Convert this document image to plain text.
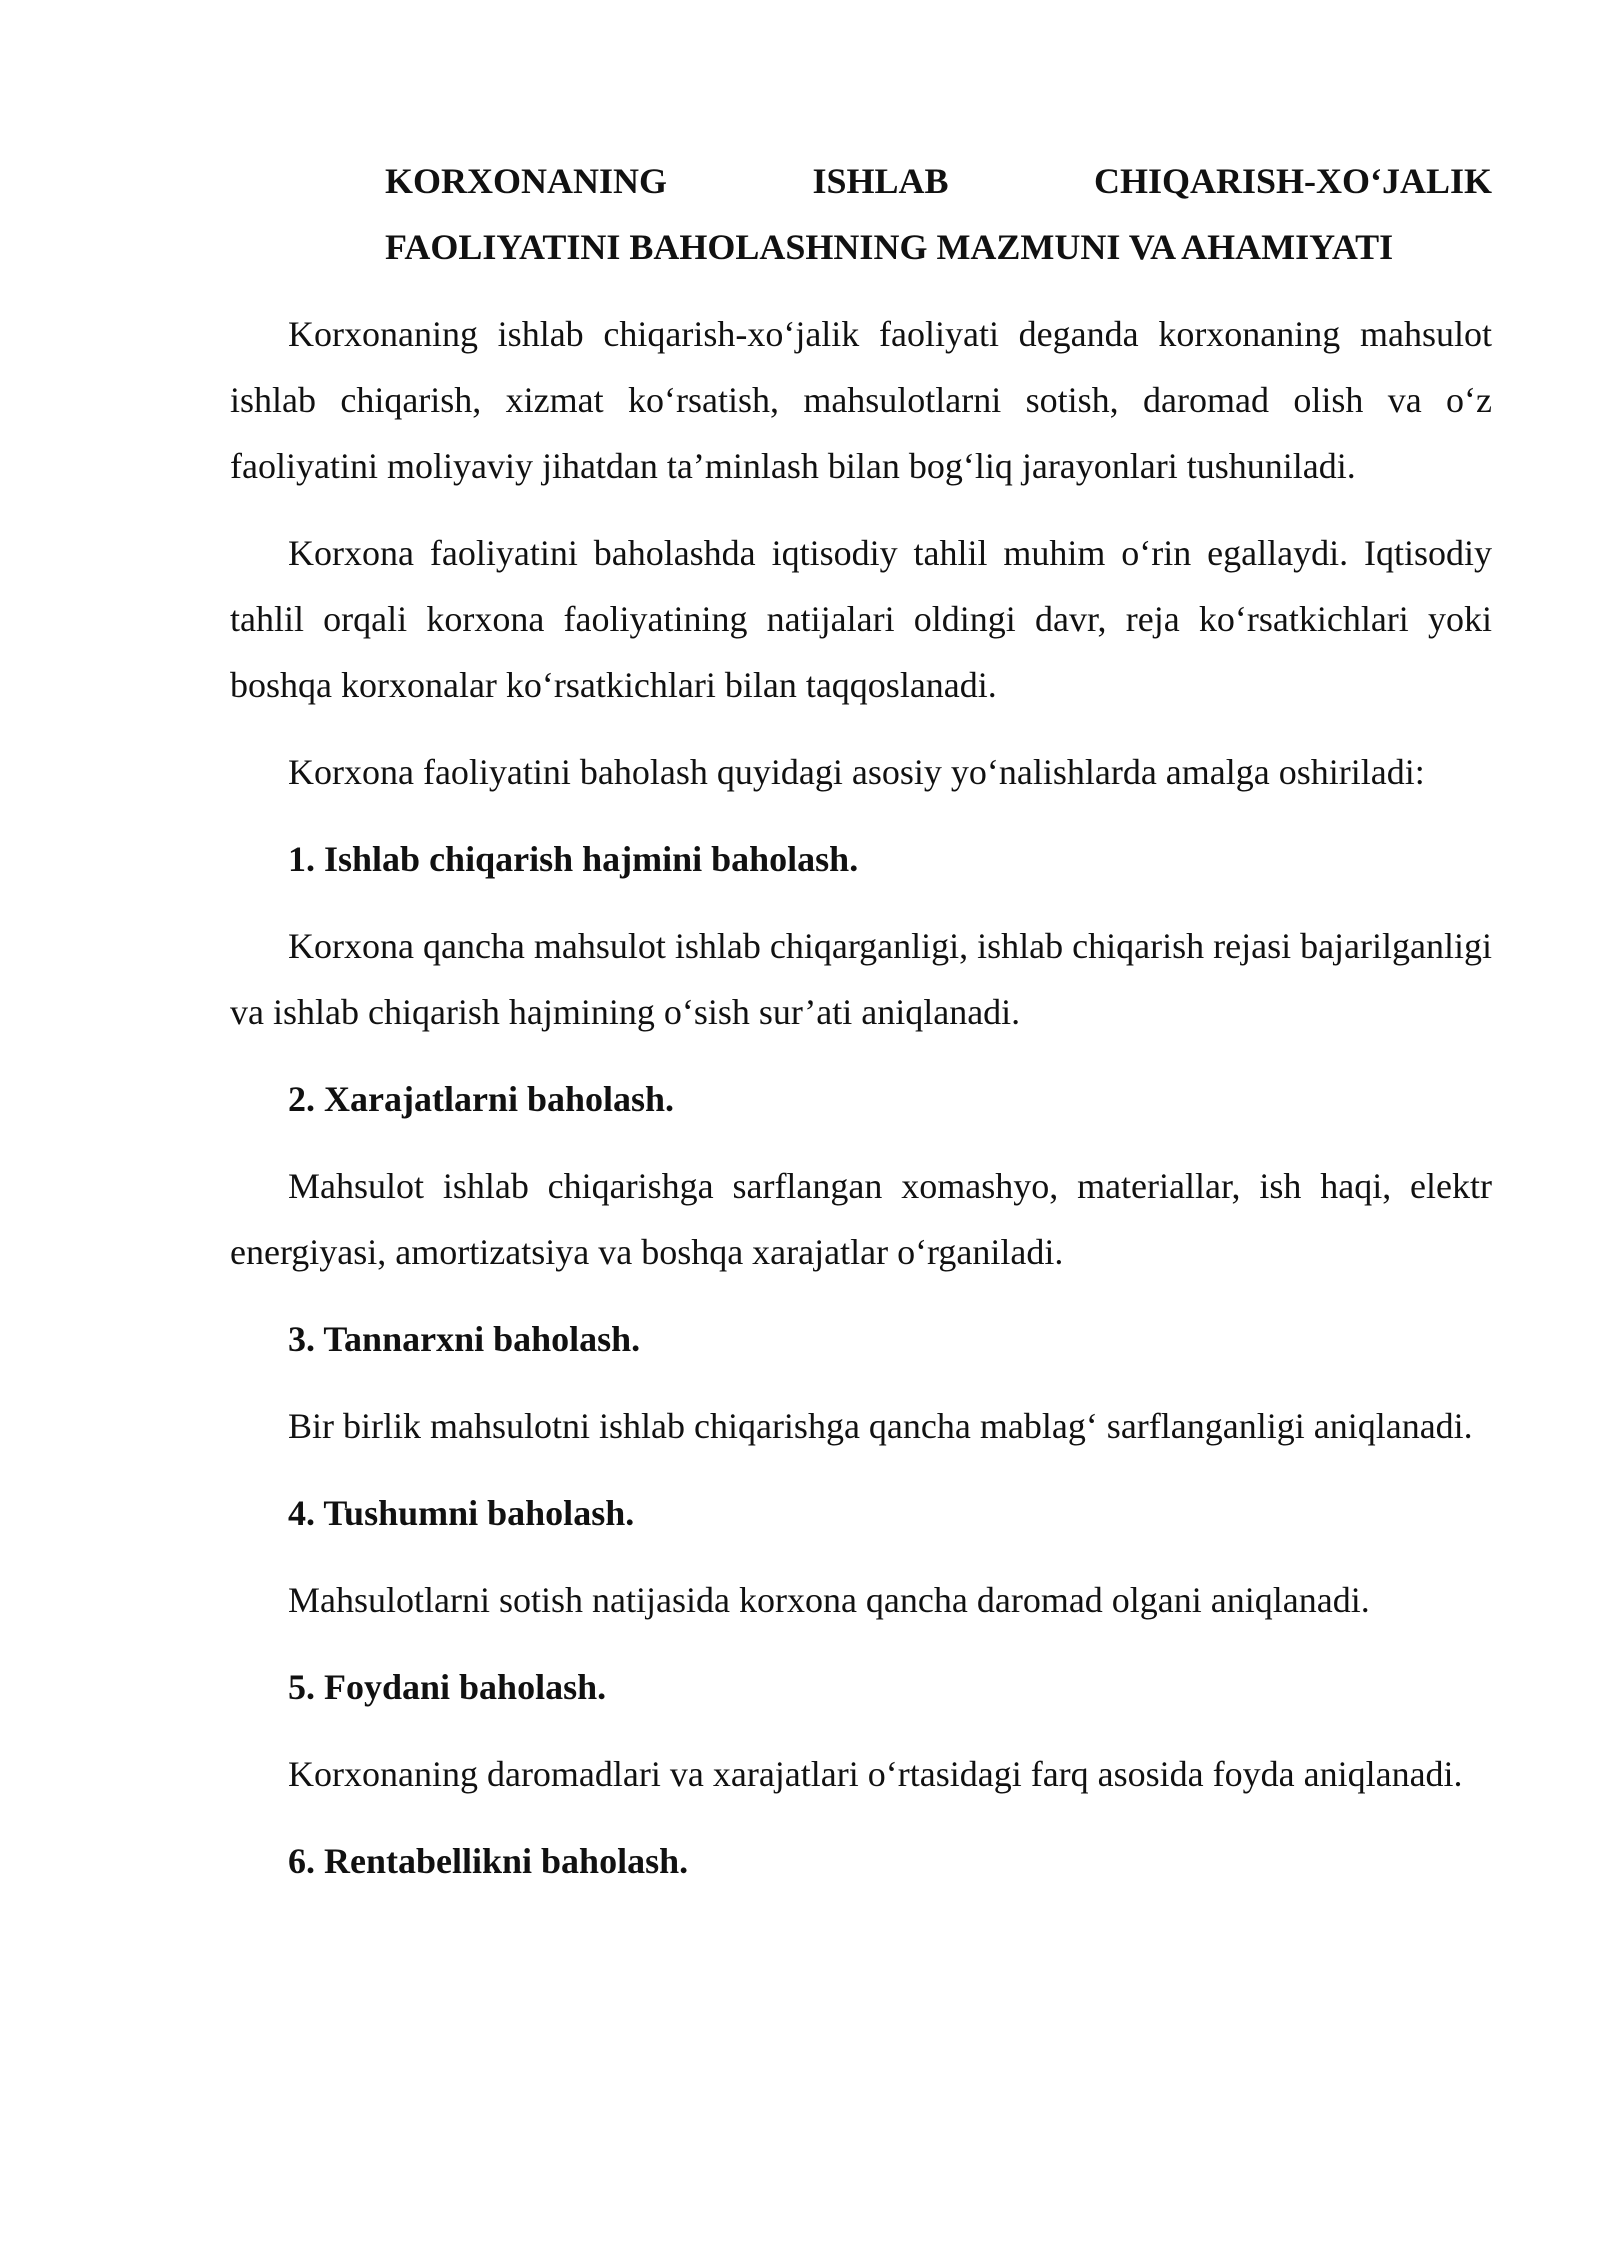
KORXONANING ISHLAB CHIQARISH-XO‘JALIK
FAOLIYATINI BAHOLASHNING MAZMUNI VA AHAMIYATI

Korxonaning ishlab chiqarish-xo‘jalik faoliyati deganda korxonaning mahsulot ishlab chiqarish, xizmat ko‘rsatish, mahsulotlarni sotish, daromad olish va o‘z faoliyatini moliyaviy jihatdan ta’minlash bilan bog‘liq jarayonlari tushuniladi.

Korxona faoliyatini baholashda iqtisodiy tahlil muhim o‘rin egallaydi. Iqtisodiy tahlil orqali korxona faoliyatining natijalari oldingi davr, reja ko‘rsatkichlari yoki boshqa korxonalar ko‘rsatkichlari bilan taqqoslanadi.

Korxona faoliyatini baholash quyidagi asosiy yo‘nalishlarda amalga oshiriladi:

1. Ishlab chiqarish hajmini baholash.

Korxona qancha mahsulot ishlab chiqarganligi, ishlab chiqarish rejasi bajarilganligi va ishlab chiqarish hajmining o‘sish sur’ati aniqlanadi.

2. Xarajatlarni baholash.

Mahsulot ishlab chiqarishga sarflangan xomashyo, materiallar, ish haqi, elektr energiyasi, amortizatsiya va boshqa xarajatlar o‘rganiladi.

3. Tannarxni baholash.

Bir birlik mahsulotni ishlab chiqarishga qancha mablag‘ sarflanganligi aniqlanadi.

4. Tushumni baholash.

Mahsulotlarni sotish natijasida korxona qancha daromad olgani aniqlanadi.

5. Foydani baholash.

Korxonaning daromadlari va xarajatlari o‘rtasidagi farq asosida foyda aniqlanadi.

6. Rentabellikni baholash.
